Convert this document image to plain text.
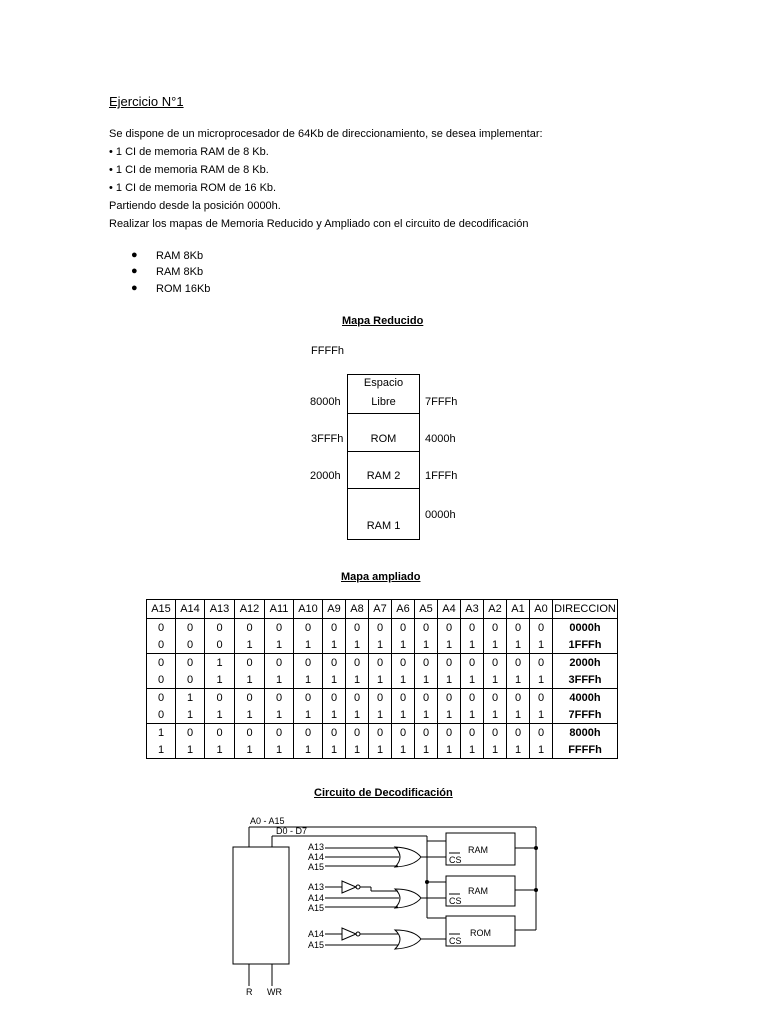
Ejercicio N°1
Se dispone de un microprocesador de 64Kb de direccionamiento, se desea implementar:
• 1 CI de memoria RAM de 8 Kb.
• 1 CI de memoria RAM de 8 Kb.
• 1 CI de memoria ROM de 16 Kb.
Partiendo desde la posición 0000h.
Realizar los mapas de Memoria Reducido y Ampliado con el circuito de decodificación
● RAM 8Kb
● RAM 8Kb
● ROM 16Kb
Mapa Reducido
FFFFh
Espacio
Libre
ROM
RAM 2
RAM 1
8000h	7FFFh
3FFFh	4000h
2000h	1FFFh
0000h
Mapa ampliado
A15	A14	A13	A12	A11	A10	A9	A8	A7	A6	A5	A4	A3	A2	A1	A0	DIRECCION
0	0	0	0	0	0	0	0	0	0	0	0	0	0	0	0	0000h
0	0	0	1	1	1	1	1	1	1	1	1	1	1	1	1	1FFFh
0	0	1	0	0	0	0	0	0	0	0	0	0	0	0	0	2000h
0	0	1	1	1	1	1	1	1	1	1	1	1	1	1	1	3FFFh
0	1	0	0	0	0	0	0	0	0	0	0	0	0	0	0	4000h
0	1	1	1	1	1	1	1	1	1	1	1	1	1	1	1	7FFFh
1	0	0	0	0	0	0	0	0	0	0	0	0	0	0	0	8000h
1	1	1	1	1	1	1	1	1	1	1	1	1	1	1	1	FFFFh
Circuito de Decodificación
A0 - A15
D0 - D7
A13
A14
A15
A13
A14
A15
A14
A15
RAM
RAM
ROM
CS
CS
CS
R WR
